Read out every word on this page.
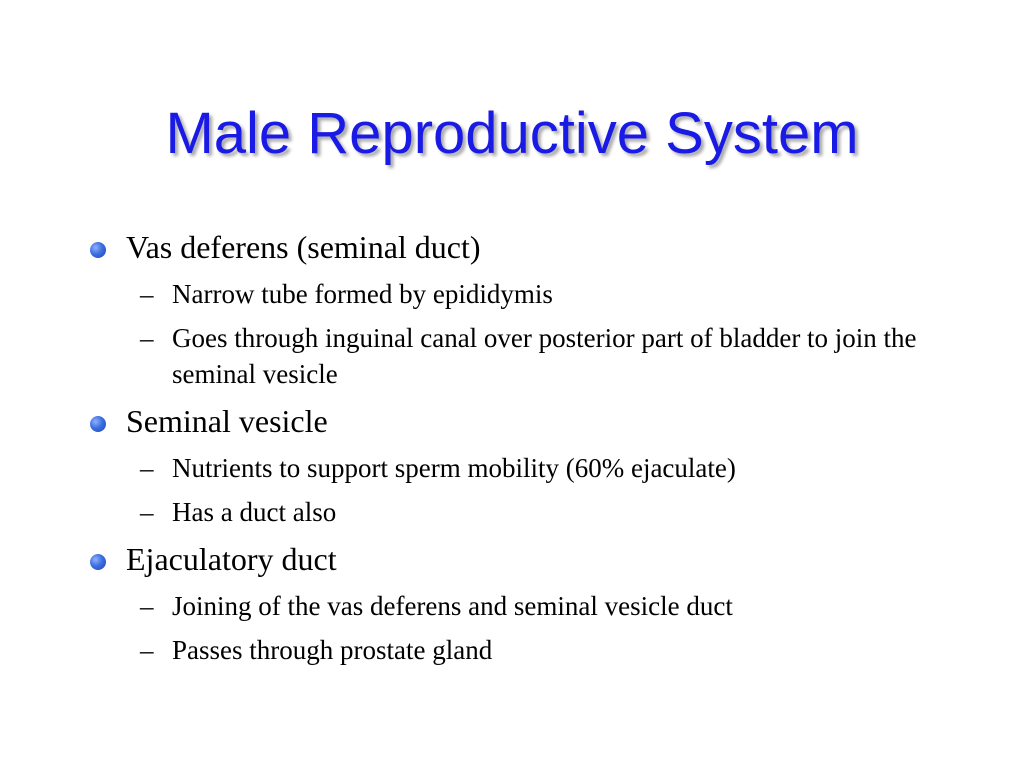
Male Reproductive System
Vas deferens (seminal duct)
– Narrow tube formed by epididymis
– Goes through inguinal canal over posterior part of bladder to join the seminal vesicle
Seminal vesicle
– Nutrients to support sperm mobility (60% ejaculate)
– Has a duct also
Ejaculatory duct
– Joining of the vas deferens and seminal vesicle duct
– Passes through prostate gland
